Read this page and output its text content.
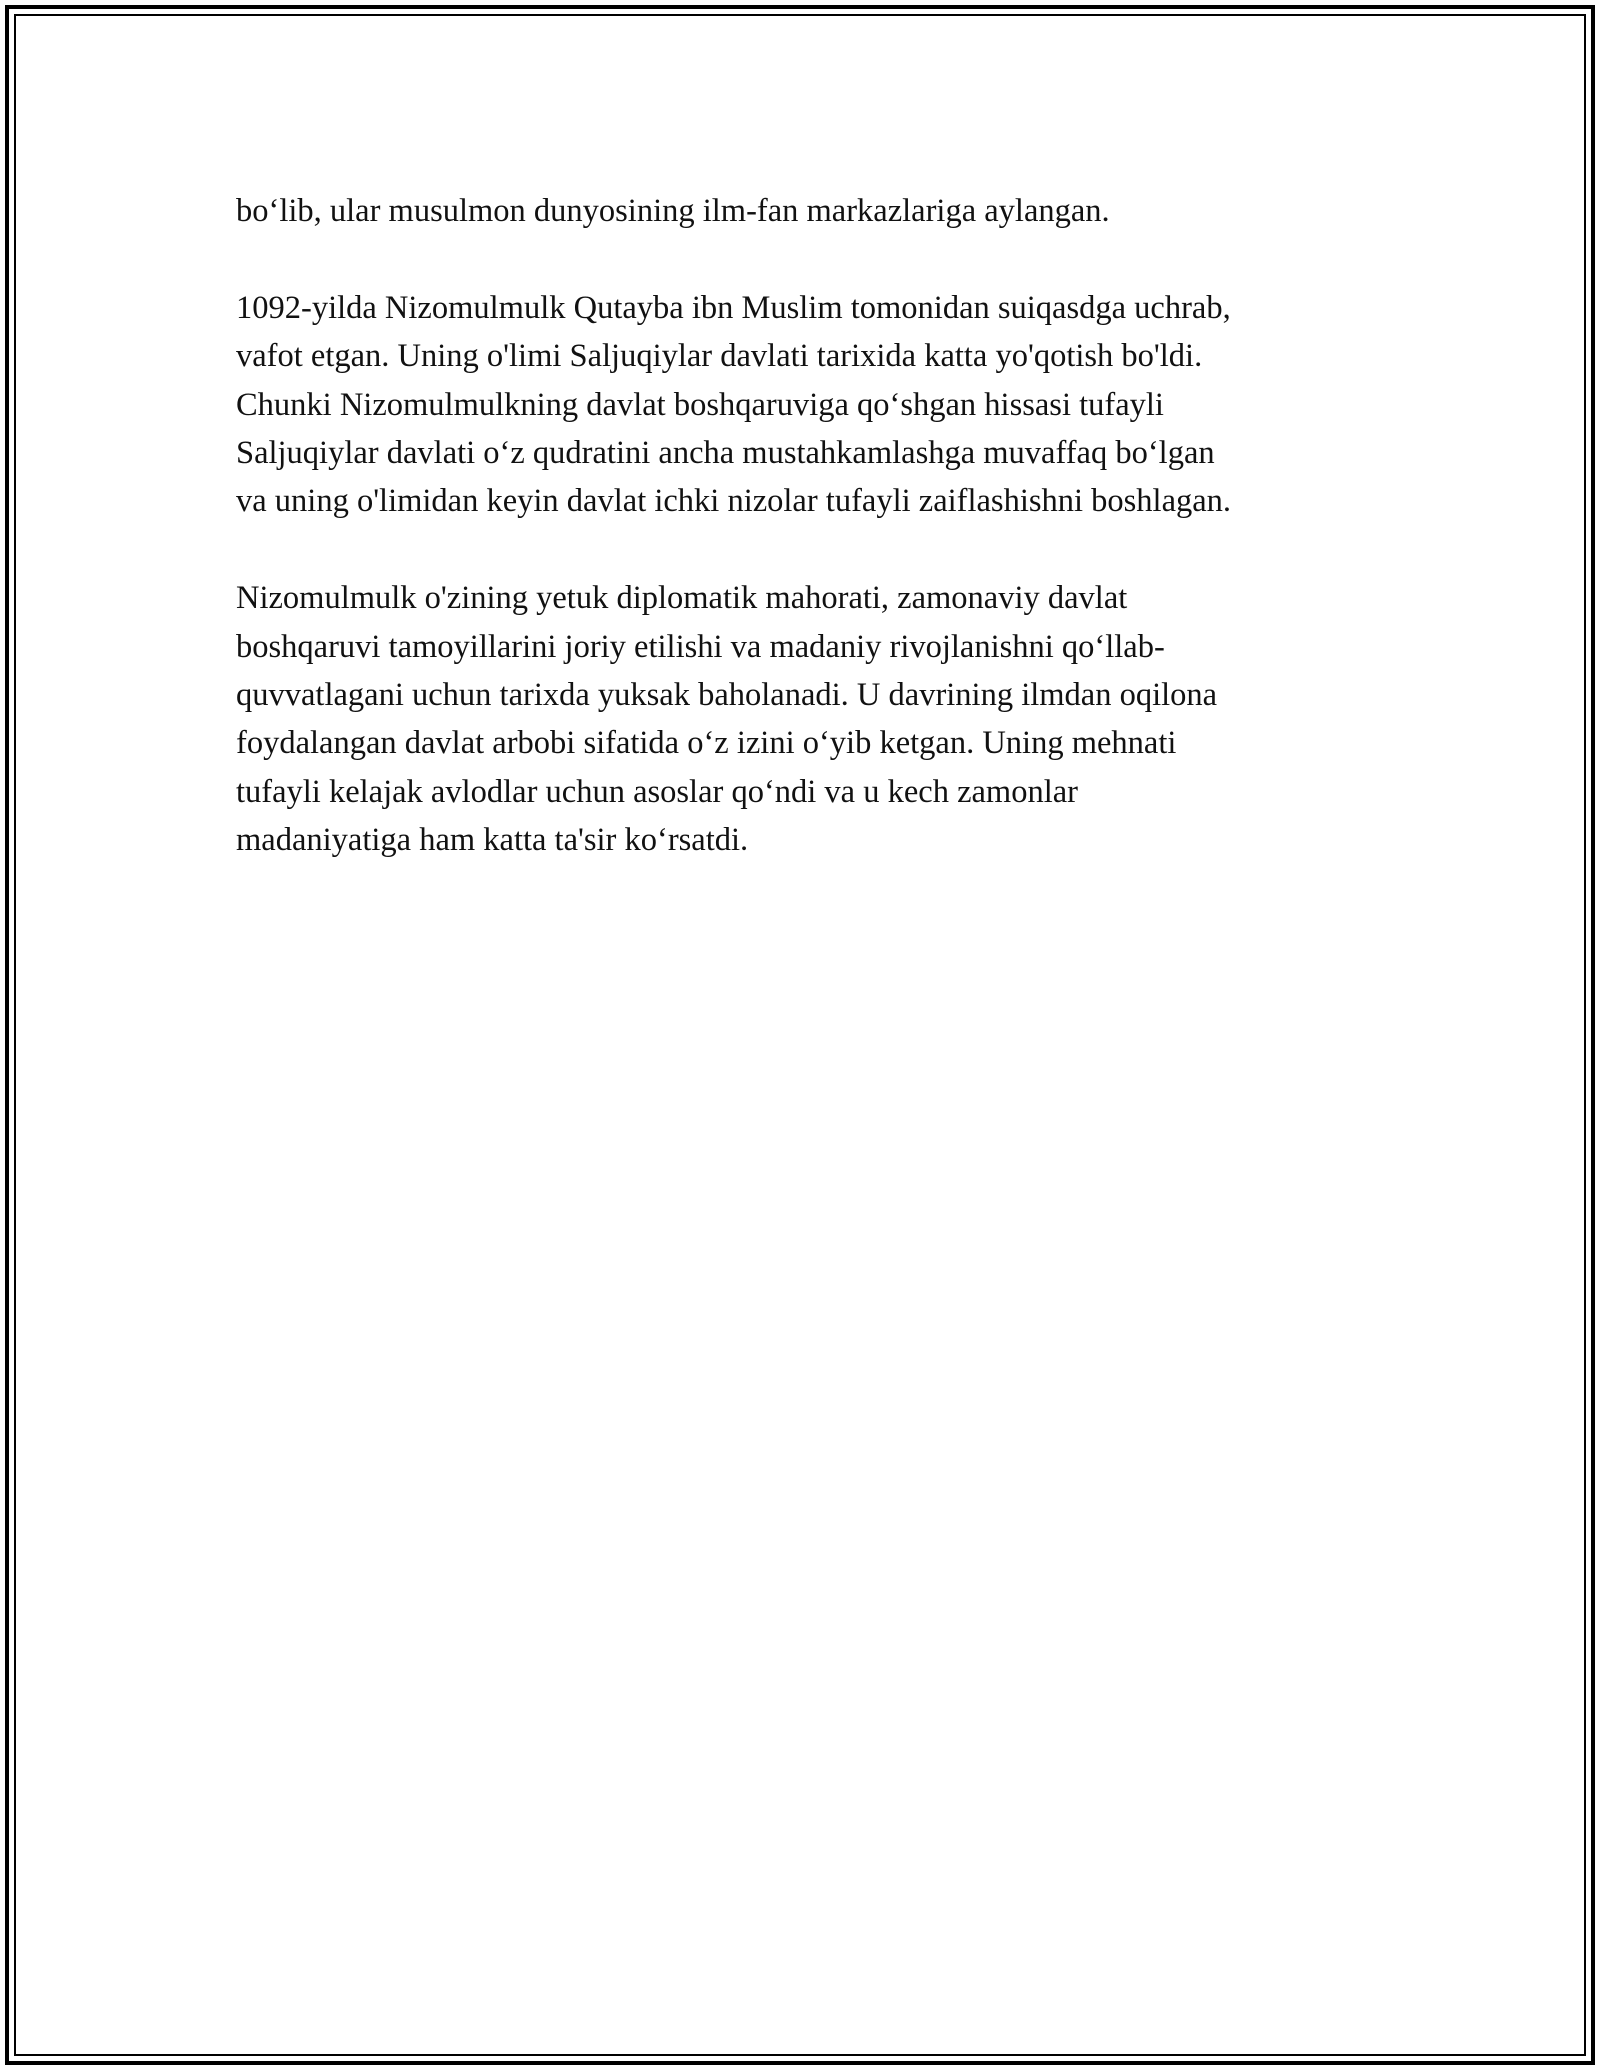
bo‘lib, ular musulmon dunyosining ilm-fan markazlariga aylangan.

1092-yilda Nizomulmulk Qutayba ibn Muslim tomonidan suiqasdga uchrab,
vafot etgan. Uning o'limi Saljuqiylar davlati tarixida katta yo'qotish bo'ldi.
Chunki Nizomulmulkning davlat boshqaruviga qo‘shgan hissasi tufayli
Saljuqiylar davlati o‘z qudratini ancha mustahkamlashga muvaffaq bo‘lgan
va uning o'limidan keyin davlat ichki nizolar tufayli zaiflashishni boshlagan.

Nizomulmulk o'zining yetuk diplomatik mahorati, zamonaviy davlat
boshqaruvi tamoyillarini joriy etilishi va madaniy rivojlanishni qo‘llab-
quvvatlagani uchun tarixda yuksak baholanadi. U davrining ilmdan oqilona
foydalangan davlat arbobi sifatida o‘z izini o‘yib ketgan. Uning mehnati
tufayli kelajak avlodlar uchun asoslar qo‘ndi va u kech zamonlar
madaniyatiga ham katta ta'sir ko‘rsatdi.
